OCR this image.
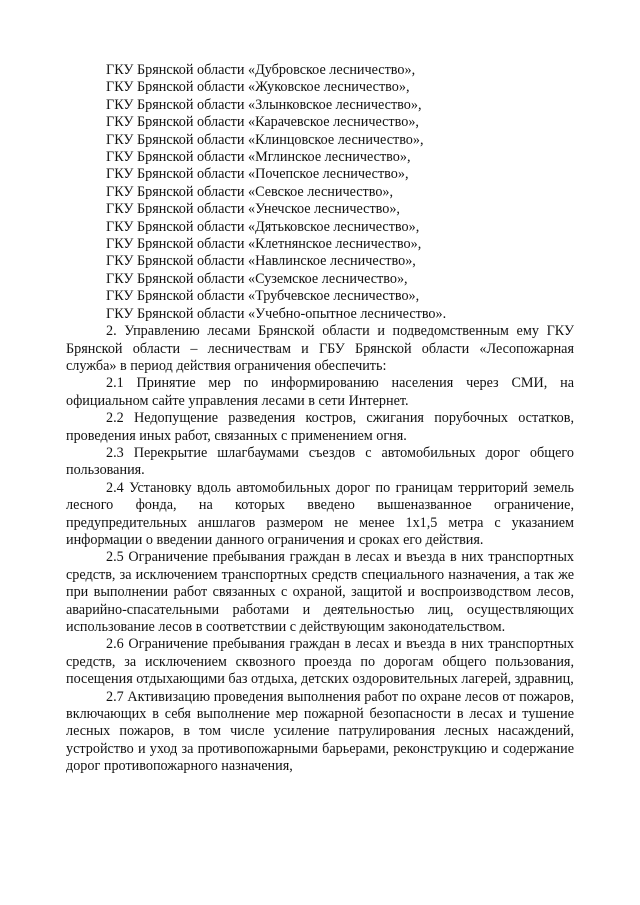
ГКУ Брянской области «Дубровское лесничество»,
ГКУ Брянской области «Жуковское лесничество»,
ГКУ Брянской области «Злынковское лесничество»,
ГКУ Брянской области «Карачевское лесничество»,
ГКУ Брянской области «Клинцовское лесничество»,
ГКУ Брянской области «Мглинское лесничество»,
ГКУ Брянской области «Почепское лесничество»,
ГКУ Брянской области «Севское лесничество»,
ГКУ Брянской области «Унечское лесничество»,
ГКУ Брянской области «Дятьковское лесничество»,
ГКУ Брянской области «Клетнянское лесничество»,
ГКУ Брянской области «Навлинское лесничество»,
ГКУ Брянской области «Суземское лесничество»,
ГКУ Брянской области «Трубчевское лесничество»,
ГКУ Брянской области «Учебно-опытное лесничество».

2. Управлению лесами Брянской области и подведомственным ему ГКУ Брянской области – лесничествам и ГБУ Брянской области «Лесопожарная служба» в период действия ограничения обеспечить:

2.1 Принятие мер по информированию населения через СМИ, на официальном сайте управления лесами в сети Интернет.

2.2 Недопущение разведения костров, сжигания порубочных остатков, проведения иных работ, связанных с применением огня.

2.3 Перекрытие шлагбаумами съездов с автомобильных дорог общего пользования.

2.4 Установку вдоль автомобильных дорог по границам территорий земель лесного фонда, на которых введено вышеназванное ограничение, предупредительных аншлагов размером не менее 1х1,5 метра с указанием информации о введении данного ограничения и сроках его действия.

2.5 Ограничение пребывания граждан в лесах и въезда в них транспортных средств, за исключением транспортных средств специального назначения, а так же при выполнении работ связанных с охраной, защитой и воспроизводством лесов, аварийно-спасательными работами и деятельностью лиц, осуществляющих использование лесов в соответствии с действующим законодательством.

2.6 Ограничение пребывания граждан в лесах и въезда в них транспортных средств, за исключением сквозного проезда по дорогам общего пользования, посещения отдыхающими баз отдыха, детских оздоровительных лагерей, здравниц,

2.7 Активизацию проведения выполнения работ по охране лесов от пожаров, включающих в себя выполнение мер пожарной безопасности в лесах и тушение лесных пожаров, в том числе усиление патрулирования лесных насаждений, устройство и уход за противопожарными барьерами, реконструкцию и содержание дорог противопожарного назначения,
